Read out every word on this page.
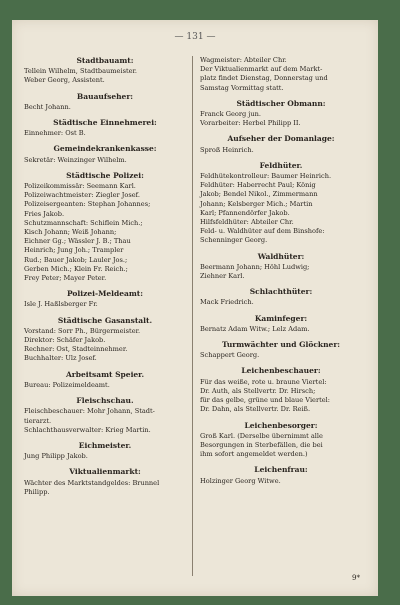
— 131 —
Stadtbauamt:
Tellein Wilhelm, Stadtbaumeister.
Weber Georg, Assistent.
Bauaufseher:
Becht Johann.
Städtische Einnehmerei:
Einnehmer: Ost B.
Gemeindekrankenkasse:
Sekretär: Weinzinger Wilhelm.
Städtische Polizei:
Polizeikommissär: Seemann Karl.
Polizeiwachtmeister: Ziegler Josef.
Polizeisergeanten: Stephan Johannes;
Fries Jakob.
Schutzmannschaft: Schiflein Mich.;
Kisch Johann; Weiß Johann;
Eichner Gg.; Wässler J. B.; Thau
Heinrich; Jung Joh.; Trampler
Rud.; Bauer Jakob; Lauler Jos.;
Gerben Mich.; Klein Fr. Reich.;
Frey Peter; Mayer Peter.
Polizei-Meldeamt:
Isle J. Haßlsberger Fr.
Städtische Gasanstalt.
Vorstand: Sorr Ph., Bürgermeister.
Direktor: Schäfer Jakob.
Rechner: Ost, Stadteinnehmer.
Buchhalter: Ulz Josef.
Arbeitsamt Speier.
Bureau: Polizeimeldeamt.
Fleischschau.
Fleischbeschauer: Mohr Johann, Stadt-
tierarzt.
Schlachthausverwalter: Krieg Martin.
Eichmeister.
Jung Philipp Jakob.
Viktualienmarkt:
Wächter des Marktstandgeldes: Brunnel
Philipp.
Wagmeister: Abteiler Chr.
Der Viktualienmarkt auf dem Markt-
platz findet Dienstag, Donnerstag und
Samstag Vormittag statt.
Städtischer Obmann:
Franck Georg jun.
Vorarbeiter: Herbel Philipp II.
Aufseher der Domanlage:
Sproß Heinrich.
Feldhüter.
Feldhütekontrolleur: Baumer Heinrich.
Feldhüter: Haberrecht Paul; König
Jakob; Bendel Nikol., Zimmermann
Johann; Kelsberger Mich.; Martin
Karl; Pfannendörfer Jakob.
Hilfsfeldhüter: Abteiler Chr.
Feld- u. Waldhüter auf dem Binshofe:
Schenninger Georg.
Waldhüter:
Beermann Johann; Höhl Ludwig;
Ziehner Karl.
Schlachthüter:
Mack Friedrich.
Kaminfeger:
Bernatz Adam Witw.; Lelz Adam.
Turmwächter und Glöckner:
Schappert Georg.
Leichenbeschauer:
Für das weiße, rote u. braune Viertel:
Dr. Auth, als Stellvertr. Dr. Hirsch;
für das gelbe, grüne und blaue Viertel:
Dr. Dahn, als Stellvertr. Dr. Reiß.
Leichenbesorger:
Groß Karl. (Derselbe übernimmt alle
Besorgungen in Sterbefällen, die bei
ihm sofort angemeldet werden.)
Leichenfrau:
Holzinger Georg Witwe.
9*
